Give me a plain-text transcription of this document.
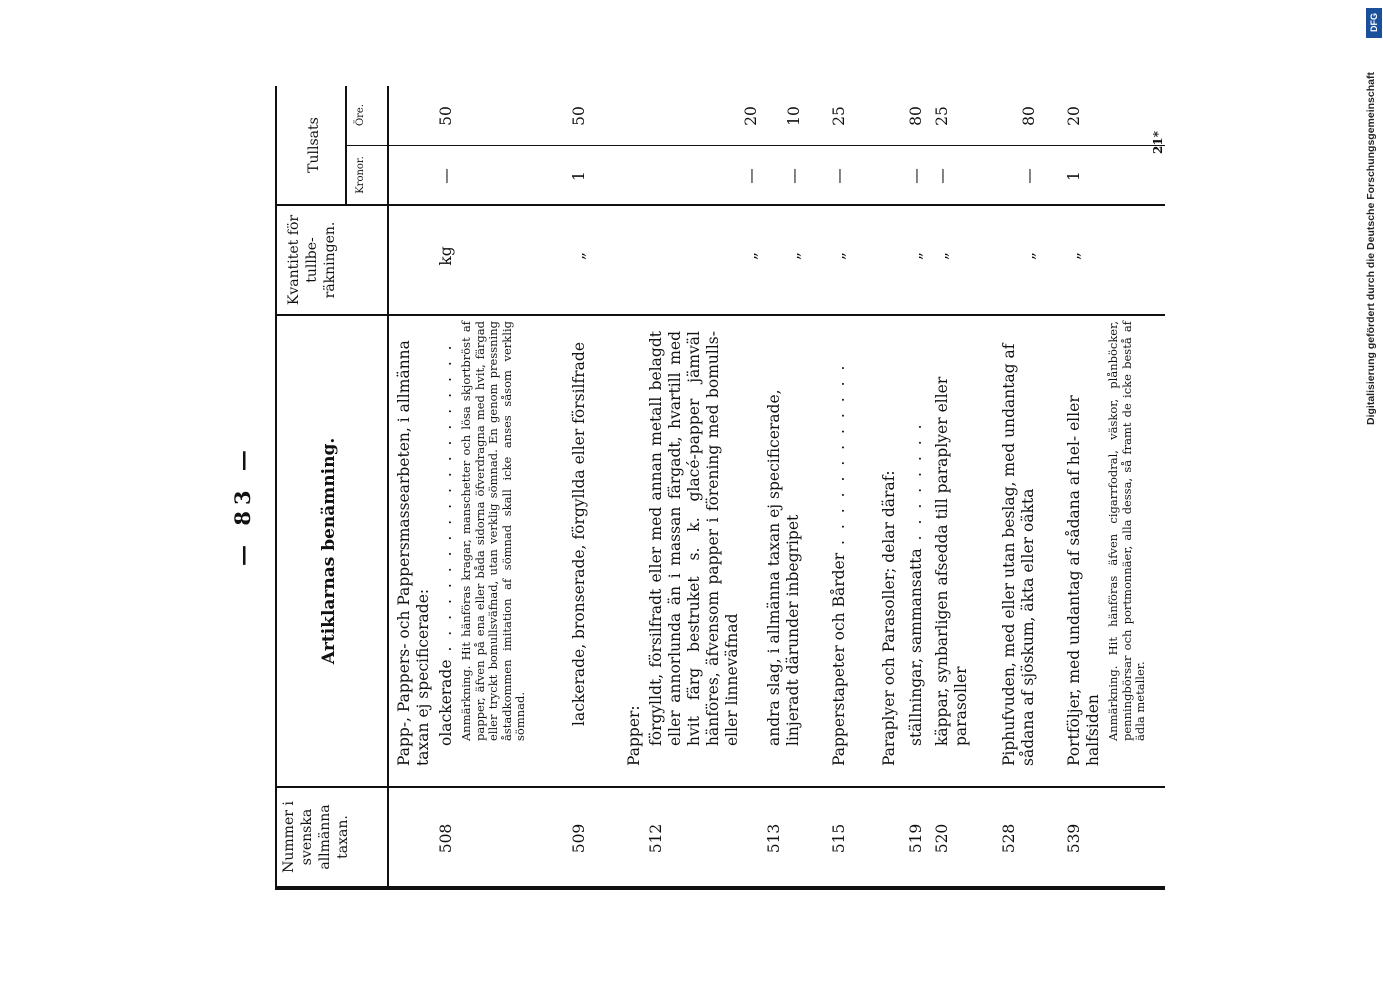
— 83 —
Nummer i svenska allmänna taxan.
Artiklarnas benämning.
Kvantitet för tullbe- räkningen.
Tullsats
Kronor.
Öre.
Papp-, Pappers- och Pappersmassearbeten, i allmänna taxan ej specificerade:
508
olackerade . . . . . . . . . . . . . . . . . . . .
kg
—
50
Anmärkning. Hit hänföras kragar, manschetter och lösa skjortbröst af papper, äfven på ena eller båda sidorna öfverdragna med hvit, färgad eller tryckt bomullsväfnad, utan verklig sömnad. En genom pressning åstadkommen imitation af sömnad skall icke anses såsom verklig sömnad.
509
lackerade, bronserade, förgyllda eller försilfrade
„
1
50
Papper:
512
förgylldt, försilfradt eller med annan metall belagdt eller annorlunda än i massan färgadt, hvartill med hvit färg bestruket s. k. glacé-papper jämväl hänföres, äfvensom papper i förening med bomulls- eller linneväfnad
„
—
20
513
andra slag, i allmänna taxan ej specificerade, linjeradt därunder inbegripet
„
—
10
515
Papperstapeter och Bårder . . . . . . . . . . . .
„
—
25
Paraplyer och Parasoller; delar däraf:
519
ställningar, sammansatta . . . . . . . .
„
—
80
520
käppar, synbarligen afsedda till paraplyer eller parasoller
„
—
25
528
Piphufvuden, med eller utan beslag, med undantag af sådana af sjöskum, äkta eller oäkta
„
—
80
539
Portföljer, med undantag af sådana af hel- eller halfsiden
„
1
20
Anmärkning. Hit hänföras äfven cigarrfodral, väskor, plånböcker, penningbörsar och portmonnäer, alla dessa, så framt de icke bestå af ädla metaller.
21*
DFG
Digitalisierung gefördert durch die Deutsche Forschungsgemeinschaft
